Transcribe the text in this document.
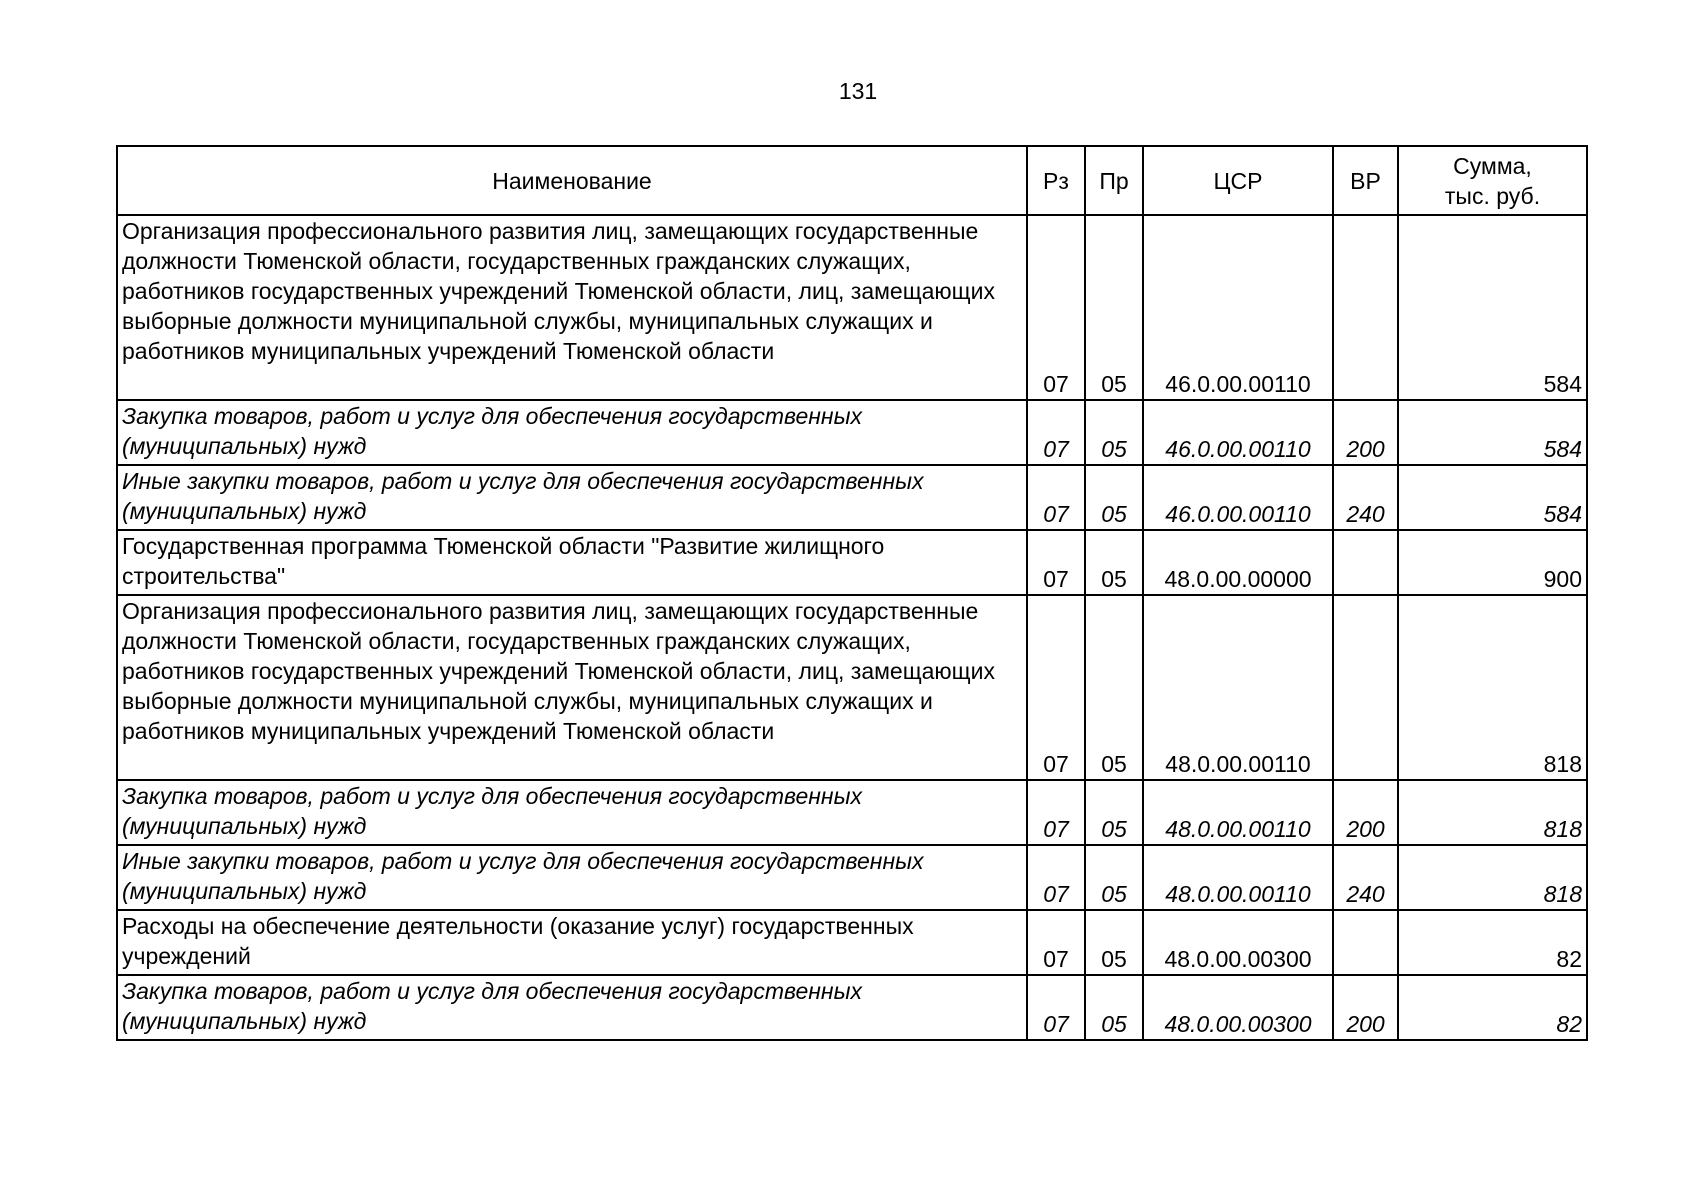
131
Наименование	Рз	Пр	ЦСР	ВР	Сумма,
тыс. руб.
Организация профессионального развития лиц, замещающих государственные должности Тюменской области, государственных гражданских служащих, работников государственных учреждений Тюменской области, лиц, замещающих выборные должности муниципальной службы, муниципальных служащих и работников муниципальных учреждений Тюменской области	07	05	46.0.00.00110		584
Закупка товаров, работ и услуг для обеспечения государственных (муниципальных) нужд	07	05	46.0.00.00110	200	584
Иные закупки товаров, работ и услуг для обеспечения государственных (муниципальных) нужд	07	05	46.0.00.00110	240	584
Государственная программа Тюменской области "Развитие жилищного строительства"	07	05	48.0.00.00000		900
Организация профессионального развития лиц, замещающих государственные должности Тюменской области, государственных гражданских служащих, работников государственных учреждений Тюменской области, лиц, замещающих выборные должности муниципальной службы, муниципальных служащих и работников муниципальных учреждений Тюменской области	07	05	48.0.00.00110		818
Закупка товаров, работ и услуг для обеспечения государственных (муниципальных) нужд	07	05	48.0.00.00110	200	818
Иные закупки товаров, работ и услуг для обеспечения государственных (муниципальных) нужд	07	05	48.0.00.00110	240	818
Расходы на обеспечение деятельности (оказание услуг) государственных учреждений	07	05	48.0.00.00300		82
Закупка товаров, работ и услуг для обеспечения государственных (муниципальных) нужд	07	05	48.0.00.00300	200	82
